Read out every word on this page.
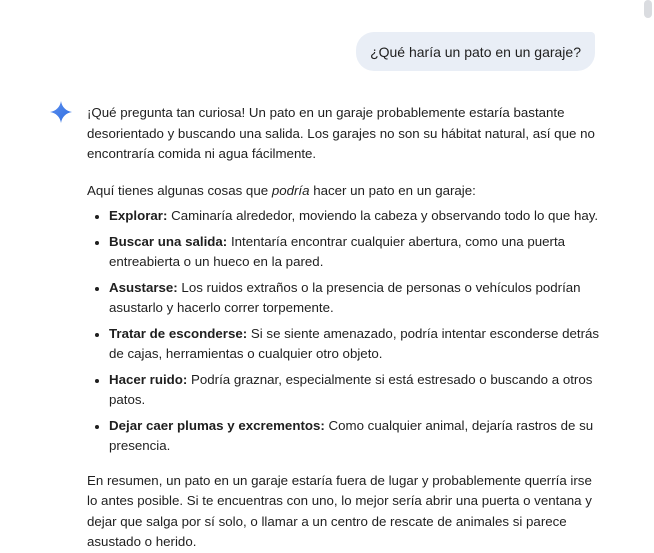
¿Qué haría un pato en un garaje?

¡Qué pregunta tan curiosa! Un pato en un garaje probablemente estaría bastante desorientado y buscando una salida. Los garajes no son su hábitat natural, así que no encontraría comida ni agua fácilmente.

Aquí tienes algunas cosas que podría hacer un pato en un garaje:

• Explorar: Caminaría alrededor, moviendo la cabeza y observando todo lo que hay.
• Buscar una salida: Intentaría encontrar cualquier abertura, como una puerta entreabierta o un hueco en la pared.
• Asustarse: Los ruidos extraños o la presencia de personas o vehículos podrían asustarlo y hacerlo correr torpemente.
• Tratar de esconderse: Si se siente amenazado, podría intentar esconderse detrás de cajas, herramientas o cualquier otro objeto.
• Hacer ruido: Podría graznar, especialmente si está estresado o buscando a otros patos.
• Dejar caer plumas y excrementos: Como cualquier animal, dejaría rastros de su presencia.

En resumen, un pato en un garaje estaría fuera de lugar y probablemente querría irse lo antes posible. Si te encuentras con uno, lo mejor sería abrir una puerta o ventana y dejar que salga por sí solo, o llamar a un centro de rescate de animales si parece asustado o herido.
